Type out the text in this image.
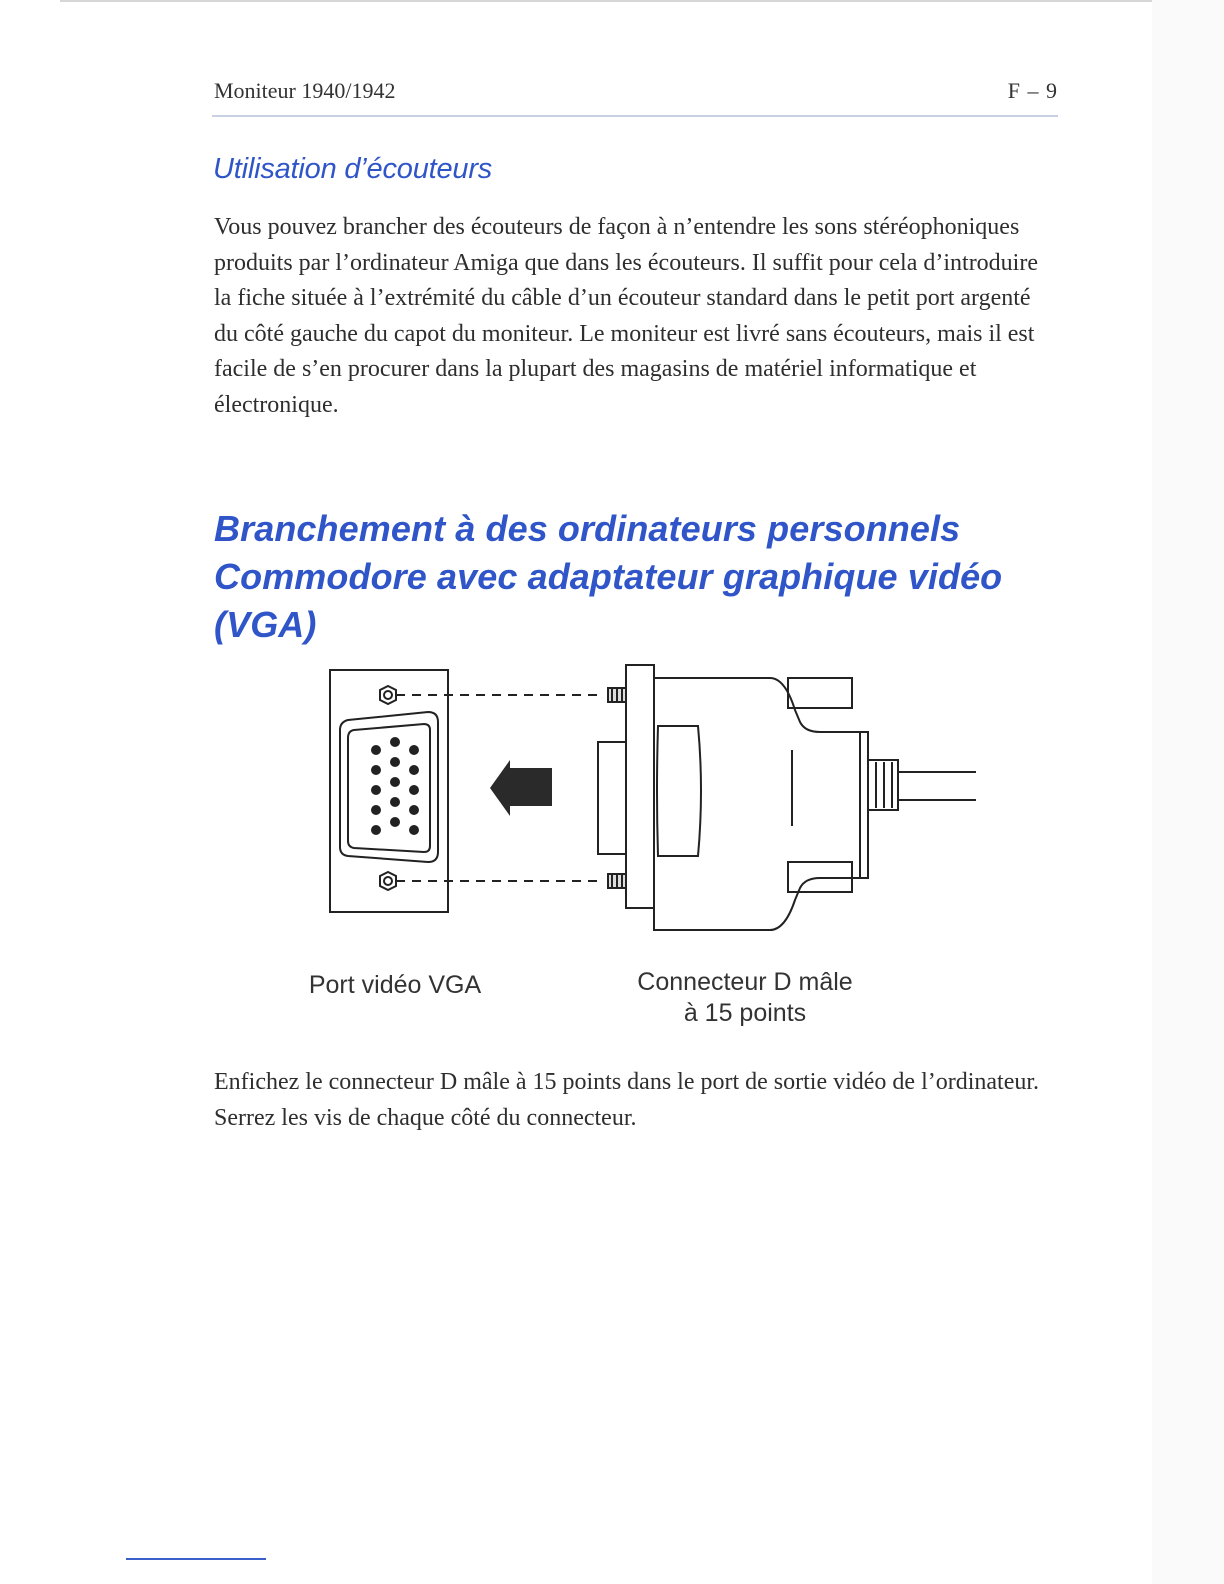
Moniteur 1940/1942	F – 9
Utilisation d’écouteurs

Vous pouvez brancher des écouteurs de façon à n’entendre les sons stéréophoniques produits par l’ordinateur Amiga que dans les écouteurs. Il suffit pour cela d’introduire la fiche située à l’extrémité du câble d’un écouteur standard dans le petit port argenté du côté gauche du capot du moniteur. Le moniteur est livré sans écouteurs, mais il est facile de s’en procurer dans la plupart des magasins de matériel informatique et électronique.

Branchement à des ordinateurs personnels
Commodore avec adaptateur graphique vidéo
(VGA)
Port vidéo VGA	Connecteur D mâle
à 15 points

Enfichez le connecteur D mâle à 15 points dans le port de sortie vidéo de l’ordinateur. Serrez les vis de chaque côté du connecteur.
